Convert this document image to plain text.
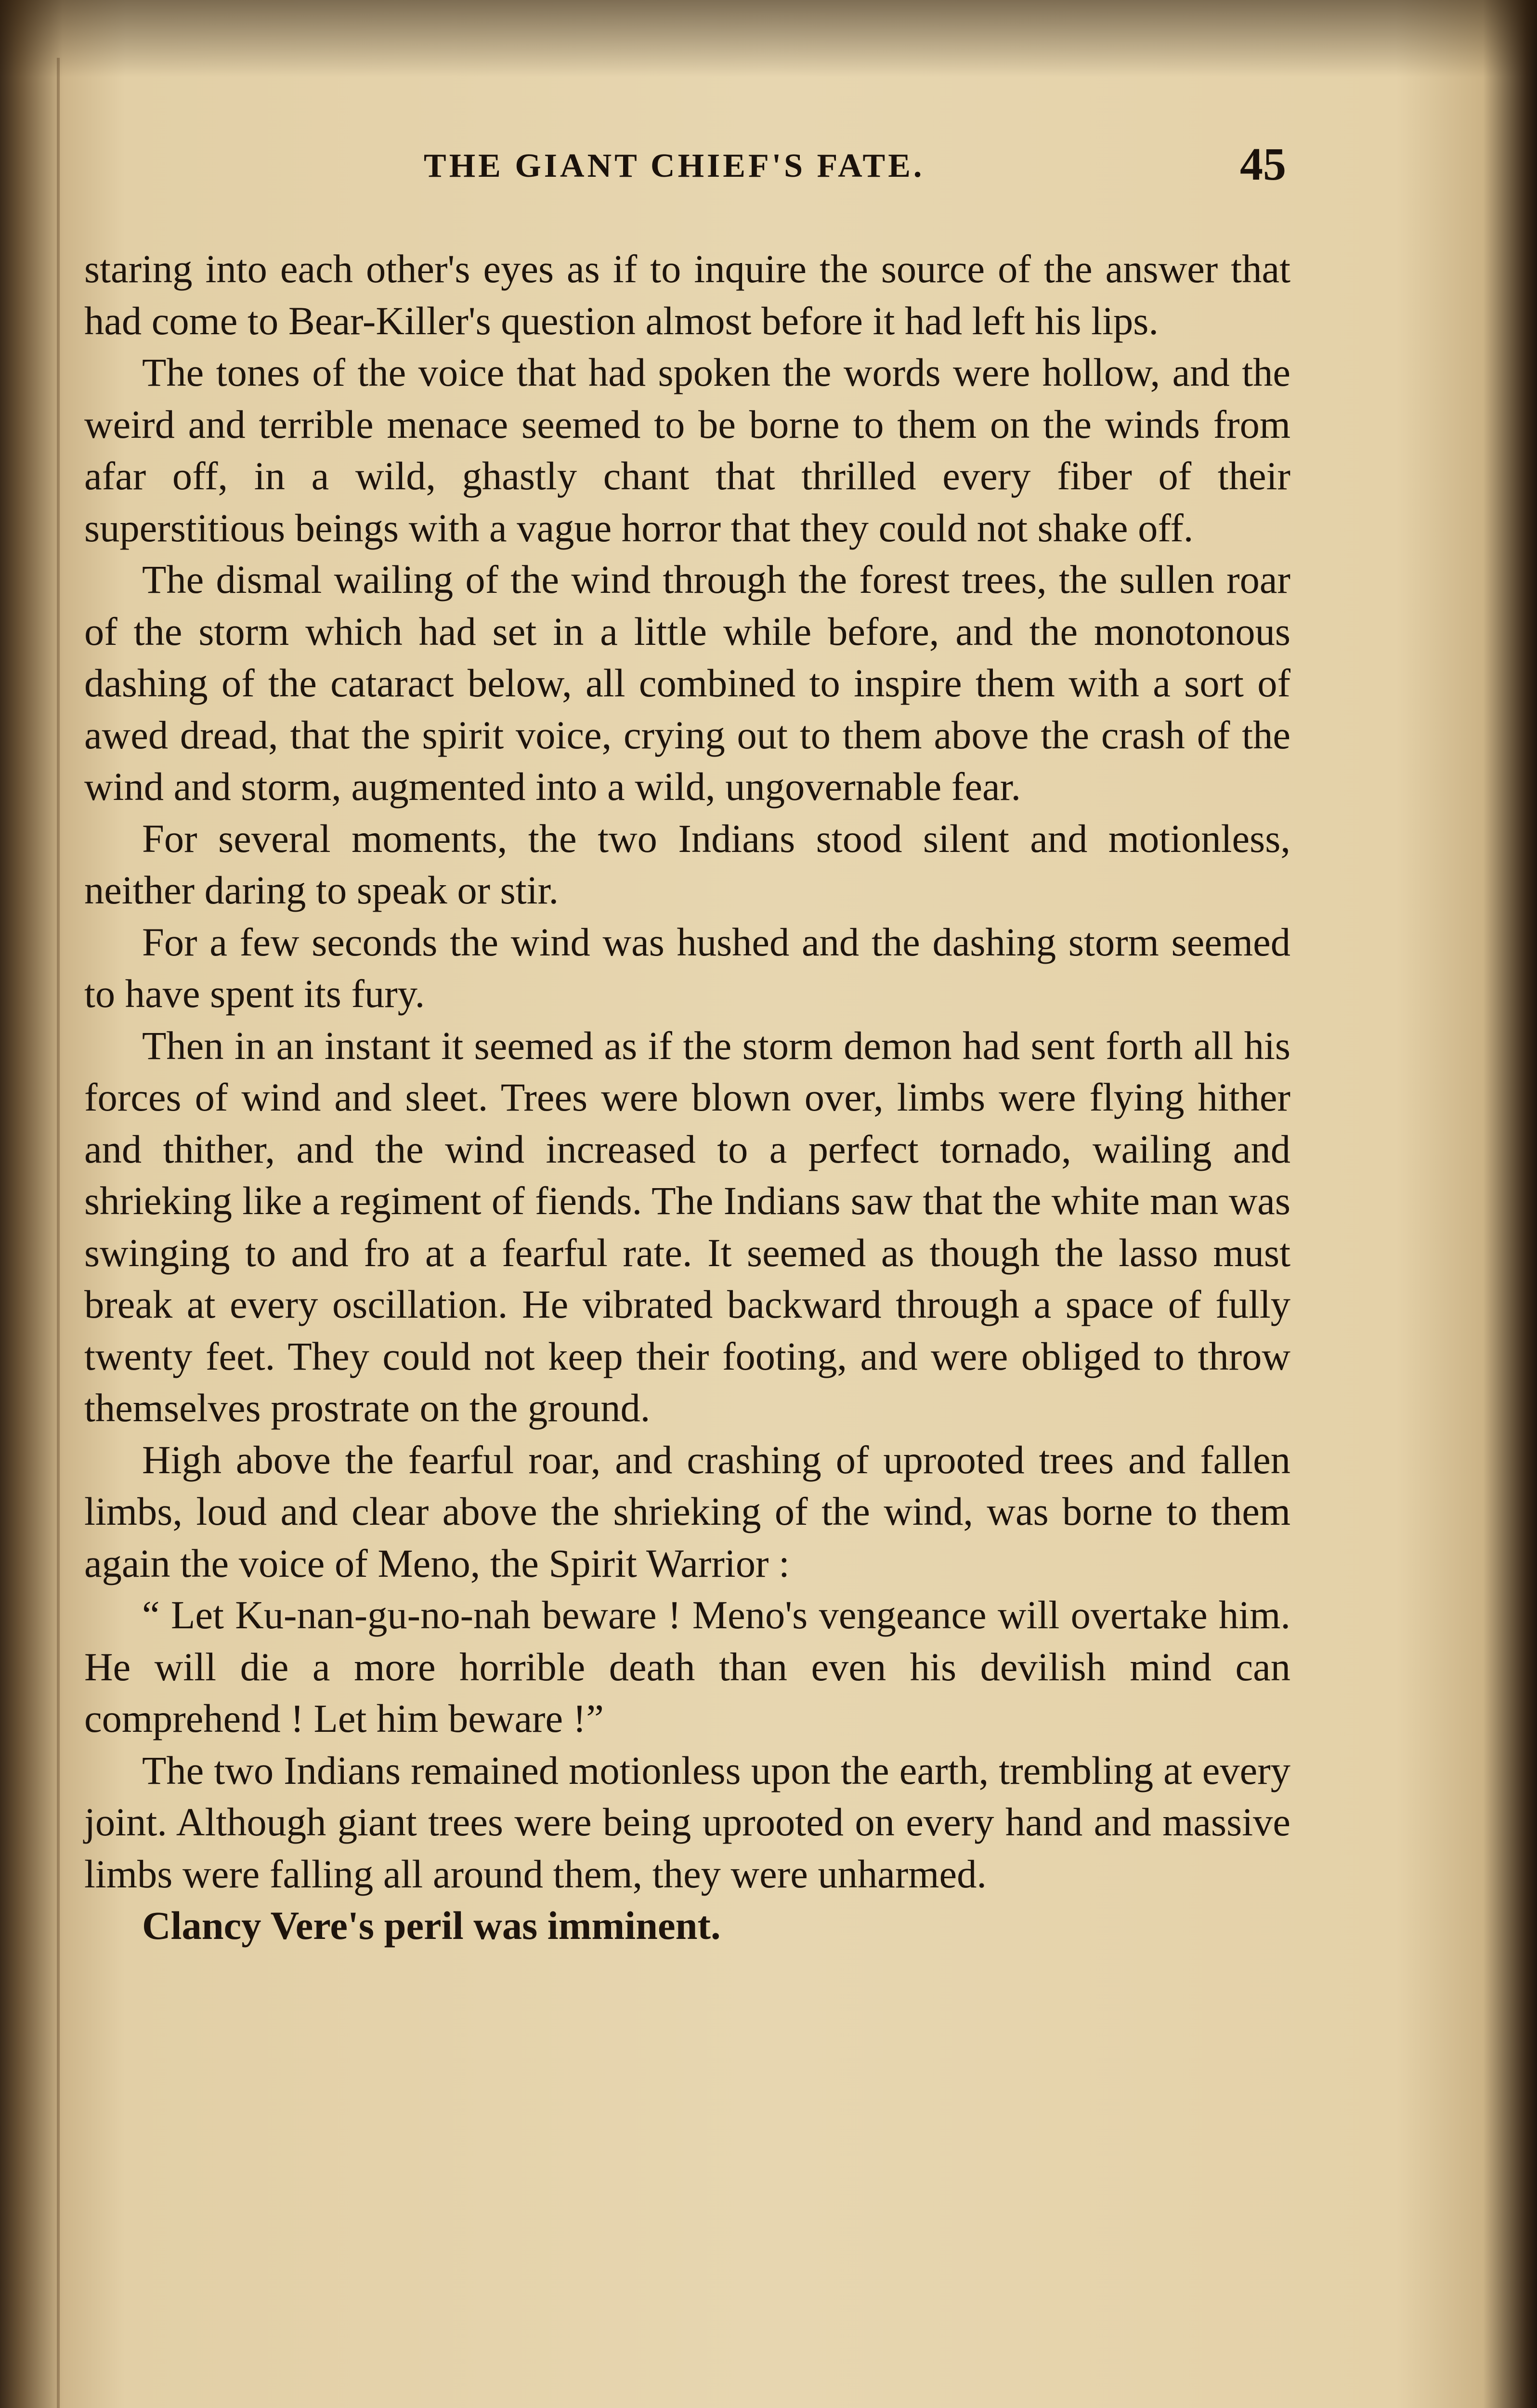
THE GIANT CHIEF'S FATE.	45

staring into each other's eyes as if to inquire the source of the answer that had come to Bear-Killer's question almost before it had left his lips.

The tones of the voice that had spoken the words were hollow, and the weird and terrible menace seemed to be borne to them on the winds from afar off, in a wild, ghastly chant that thrilled every fiber of their superstitious beings with a vague horror that they could not shake off.

The dismal wailing of the wind through the forest trees, the sullen roar of the storm which had set in a little while before, and the monotonous dashing of the cataract below, all combined to inspire them with a sort of awed dread, that the spirit voice, crying out to them above the crash of the wind and storm, augmented into a wild, ungovernable fear.

For several moments, the two Indians stood silent and motionless, neither daring to speak or stir.

For a few seconds the wind was hushed and the dashing storm seemed to have spent its fury.

Then in an instant it seemed as if the storm demon had sent forth all his forces of wind and sleet. Trees were blown over, limbs were flying hither and thither, and the wind increased to a perfect tornado, wailing and shrieking like a regiment of fiends. The Indians saw that the white man was swinging to and fro at a fearful rate. It seemed as though the lasso must break at every oscillation. He vibrated backward through a space of fully twenty feet. They could not keep their footing, and were obliged to throw themselves prostrate on the ground.

High above the fearful roar, and crashing of uprooted trees and fallen limbs, loud and clear above the shrieking of the wind, was borne to them again the voice of Meno, the Spirit Warrior :

“ Let Ku-nan-gu-no-nah beware ! Meno's vengeance will overtake him. He will die a more horrible death than even his devilish mind can comprehend ! Let him beware !”

The two Indians remained motionless upon the earth, trembling at every joint. Although giant trees were being uprooted on every hand and massive limbs were falling all around them, they were unharmed.

Clancy Vere's peril was imminent.
